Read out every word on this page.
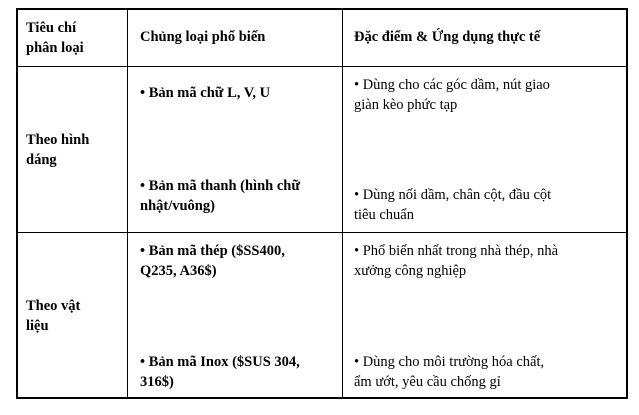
Tiêu chí
phân loại
Chủng loại phổ biến	Đặc điểm & Ứng dụng thực tế
Theo hình
dáng
• Bản mã chữ L, V, U	• Dùng cho các góc dầm, nút giao
giàn kèo phức tạp
• Bản mã thanh (hình chữ
nhật/vuông)
• Dùng nối dầm, chân cột, đầu cột
tiêu chuẩn
Theo vật
liệu
• Bản mã thép ($SS400,
Q235, A36$)
• Phổ biến nhất trong nhà thép, nhà
xưởng công nghiệp
• Bản mã Inox ($SUS 304,
316$)
• Dùng cho môi trường hóa chất,
ẩm ướt, yêu cầu chống gỉ
